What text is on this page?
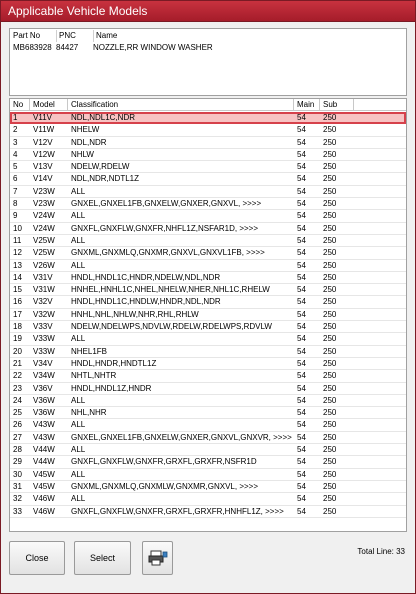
Applicable Vehicle Models
Part No	PNC	Name
MB683928 84427	NOZZLE,RR WINDOW WASHER
No	Model	Classification	Main	Sub
1	V11V	NDL,NDL1C,NDR	54	250
2	V11W	NHELW	54	250
3	V12V	NDL,NDR	54	250
4	V12W	NHLW	54	250
5	V13V	NDELW,RDELW	54	250
6	V14V	NDL,NDR,NDTL1Z	54	250
7	V23W	ALL	54	250
8	V23W	GNXEL,GNXEL1FB,GNXELW,GNXER,GNXVL, >>>>	54	250
9	V24W	ALL	54	250
10	V24W	GNXFL,GNXFLW,GNXFR,NHFL1Z,NSFAR1D, >>>>	54	250
11	V25W	ALL	54	250
12	V25W	GNXML,GNXMLQ,GNXMR,GNXVL,GNXVL1FB, >>>>	54	250
13	V26W	ALL	54	250
14	V31V	HNDL,HNDL1C,HNDR,NDELW,NDL,NDR	54	250
15	V31W	HNHEL,HNHL1C,NHEL,NHELW,NHER,NHL1C,RHELW	54	250
16	V32V	HNDL,HNDL1C,HNDLW,HNDR,NDL,NDR	54	250
17	V32W	HNHL,NHL,NHLW,NHR,RHL,RHLW	54	250
18	V33V	NDELW,NDELWPS,NDVLW,RDELW,RDELWPS,RDVLW	54	250
19	V33W	ALL	54	250
20	V33W	NHEL1FB	54	250
21	V34V	HNDL,HNDR,HNDTL1Z	54	250
22	V34W	NHTL,NHTR	54	250
23	V36V	HNDL,HNDL1Z,HNDR	54	250
24	V36W	ALL	54	250
25	V36W	NHL,NHR	54	250
26	V43W	ALL	54	250
27	V43W	GNXEL,GNXEL1FB,GNXELW,GNXER,GNXVL,GNXVR, >>>> 54	250
28	V44W	ALL	54	250
29	V44W	GNXFL,GNXFLW,GNXFR,GRXFL,GRXFR,NSFR1D	54	250
30	V45W	ALL	54	250
31	V45W	GNXML,GNXMLQ,GNXMLW,GNXMR,GNXVL, >>>>	54	250
32	V46W	ALL	54	250
33	V46W	GNXFL,GNXFLW,GNXFR,GRXFL,GRXFR,HNHFL1Z, >>>>	54	250
Close	Select
Total Line: 33
